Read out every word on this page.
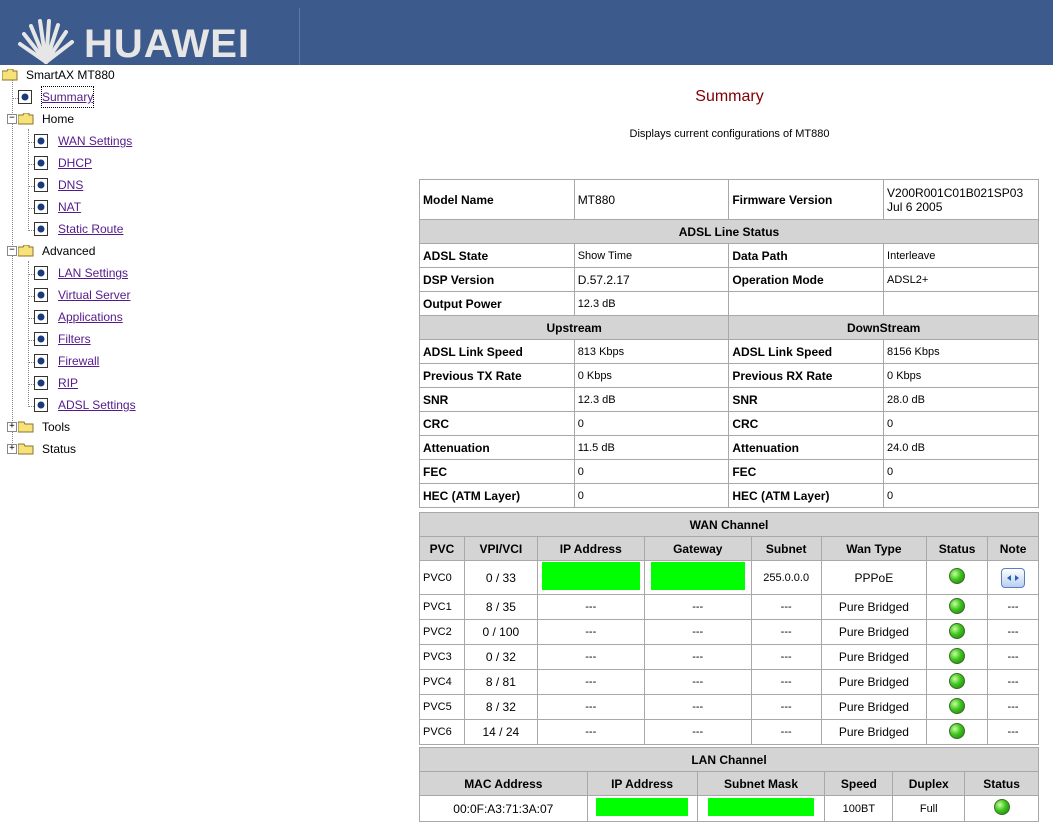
HUAWEI
SmartAX MT880
Summary
− Home
WAN Settings
DHCP
DNS
NAT
Static Route
− Advanced
LAN Settings
Virtual Server
Applications
Filters
Firewall
RIP
ADSL Settings
+ Tools
+ Status
Summary
Displays current configurations of MT880
Model Name	MT880	Firmware Version	V200R001C01B021SP03
Jul 6 2005

ADSL Line Status			
ADSL State	Show Time	Data Path	Interleave
DSP Version	D.57.2.17	Operation Mode	ADSL2+
Output Power	12.3 dB		
Upstream		DownStream	
ADSL Link Speed	813 Kbps	ADSL Link Speed	8156 Kbps
Previous TX Rate	0 Kbps	Previous RX Rate	0 Kbps
SNR	12.3 dB	SNR	28.0 dB
CRC	0	CRC	0
Attenuation	11.5 dB	Attenuation	24.0 dB
FEC	0	FEC	0
HEC (ATM Layer)	0	HEC (ATM Layer)	0
WAN Channel							
PVC	VPI/VCI	IP Address	Gateway	Subnet	Wan Type	Status	Note
PVC0	0 / 33			255.0.0.0	PPPoE		
PVC1	8 / 35	---	---	---	Pure Bridged		---
PVC2	0 / 100	---	---	---	Pure Bridged		---
PVC3	0 / 32	---	---	---	Pure Bridged		---
PVC4	8 / 81	---	---	---	Pure Bridged		---
PVC5	8 / 32	---	---	---	Pure Bridged		---
PVC6	14 / 24	---	---	---	Pure Bridged		---
LAN Channel					
MAC Address	IP Address	Subnet Mask	Speed	Duplex	Status
00:0F:A3:71:3A:07			100BT	Full	
